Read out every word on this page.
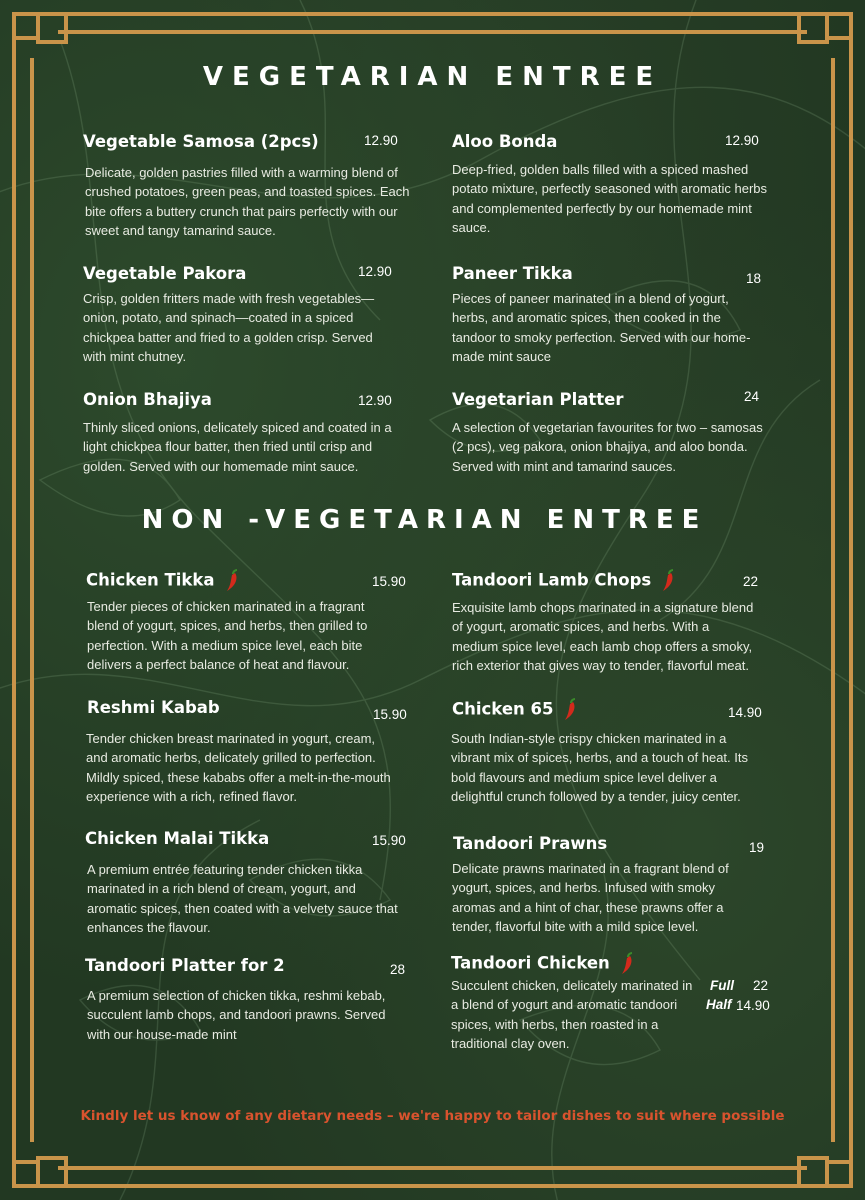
VEGETARIAN ENTREE
Vegetable Samosa (2pcs)	12.90
Delicate, golden pastries filled with a warming blend of crushed potatoes, green peas, and toasted spices. Each bite offers a buttery crunch that pairs perfectly with our sweet and tangy tamarind sauce.
Aloo Bonda	12.90
Deep-fried, golden balls filled with a spiced mashed potato mixture, perfectly seasoned with aromatic herbs and complemented perfectly by our homemade mint sauce.
Vegetable Pakora	12.90
Crisp, golden fritters made with fresh vegetables—onion, potato, and spinach—coated in a spiced chickpea batter and fried to a golden crisp. Served with mint chutney.
Paneer Tikka	18
Pieces of paneer marinated in a blend of yogurt, herbs, and aromatic spices, then cooked in the tandoor to smoky perfection. Served with our home-made mint sauce
Onion Bhajiya	12.90
Thinly sliced onions, delicately spiced and coated in a light chickpea flour batter, then fried until crisp and golden. Served with our homemade mint sauce.
Vegetarian Platter	24
A selection of vegetarian favourites for two – samosas (2 pcs), veg pakora, onion bhajiya, and aloo bonda. Served with mint and tamarind sauces.
NON -VEGETARIAN ENTREE
Chicken Tikka	15.90
Tender pieces of chicken marinated in a fragrant blend of yogurt, spices, and herbs, then grilled to perfection. With a medium spice level, each bite delivers a perfect balance of heat and flavour.
Tandoori Lamb Chops	22
Exquisite lamb chops marinated in a signature blend of yogurt, aromatic spices, and herbs. With a medium spice level, each lamb chop offers a smoky, rich exterior that gives way to tender, flavorful meat.
Reshmi Kabab	15.90
Tender chicken breast marinated in yogurt, cream, and aromatic herbs, delicately grilled to perfection. Mildly spiced, these kababs offer a melt-in-the-mouth experience with a rich, refined flavor.
Chicken 65	14.90
South Indian-style crispy chicken marinated in a vibrant mix of spices, herbs, and a touch of heat. Its bold flavours and medium spice level deliver a delightful crunch followed by a tender, juicy center.
Chicken Malai Tikka	15.90
A premium entrée featuring tender chicken tikka marinated in a rich blend of cream, yogurt, and aromatic spices, then coated with a velvety sauce that enhances the flavour.
Tandoori Prawns	19
Delicate prawns marinated in a fragrant blend of yogurt, spices, and herbs. Infused with smoky aromas and a hint of char, these prawns offer a tender, flavorful bite with a mild spice level.
Tandoori Platter for 2	28
A premium selection of chicken tikka, reshmi kebab, succulent lamb chops, and tandoori prawns. Served with our house-made mint
Tandoori Chicken
Succulent chicken, delicately marinated in a blend of yogurt and aromatic tandoori spices, with herbs, then roasted in a traditional clay oven.
Full 22
Half 14.90
Kindly let us know of any dietary needs – we're happy to tailor dishes to suit where possible
